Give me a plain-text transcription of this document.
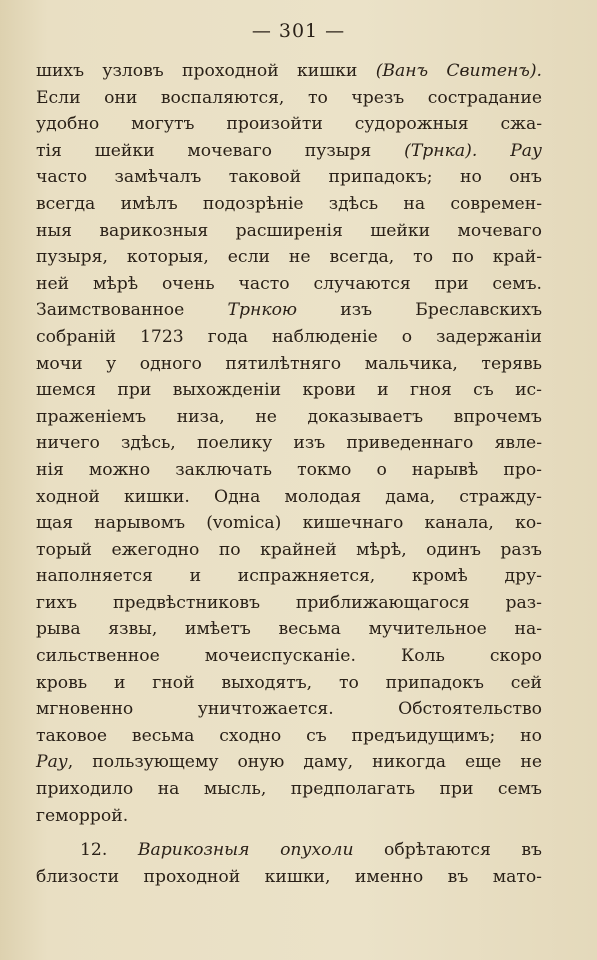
— 301 —
шихъ узловъ проходной кишки (Ванъ Свитенъ).
Если они воспаляются, то чрезъ сострадание
удобно могутъ произойти судорожныя сжа-
тія шейки мочеваго пузыря (Трнка). Рау
часто замѣчалъ таковой припадокъ; но онъ
всегда имѣлъ подозрѣніе здѣсь на современ-
ныя варикозныя расширенія шейки мочеваго
пузыря, которыя, если не всегда, то по край-
ней мѣрѣ очень часто случаются при семъ.
Заимствованное Трнкою изъ Бреславскихъ
собраній 1723 года наблюденіе о задержаніи
мочи у одного пятилѣтняго мальчика, терявь
шемся при выхожденіи крови и гноя съ ис-
праженіемъ низа, не доказываетъ впрочемъ
ничего здѣсь, поелику изъ приведеннаго явле-
нія можно заключать токмо о нарывѣ про-
ходной кишки. Одна молодая дама, стражду-
щая нарывомъ (vomica) кишечнаго канала, ко-
торый ежегодно по крайней мѣрѣ, одинъ разъ
наполняется и испражняется, кромѣ дру-
гихъ предвѣстниковъ приближающагося раз-
рыва язвы, имѣетъ весьма мучительное на-
сильственное мочеиспусканіе. Коль скоро
кровь и гной выходятъ, то припадокъ сей
мгновенно уничтожается. Обстоятельство
таковое весьма сходно съ предъидущимъ; но
Рау, пользующему оную даму, никогда еще не
приходило на мысль, предполагать при семъ
геморрой.
12. Варикозныя опухоли обрѣтаются въ
близости проходной кишки, именно въ мато-
